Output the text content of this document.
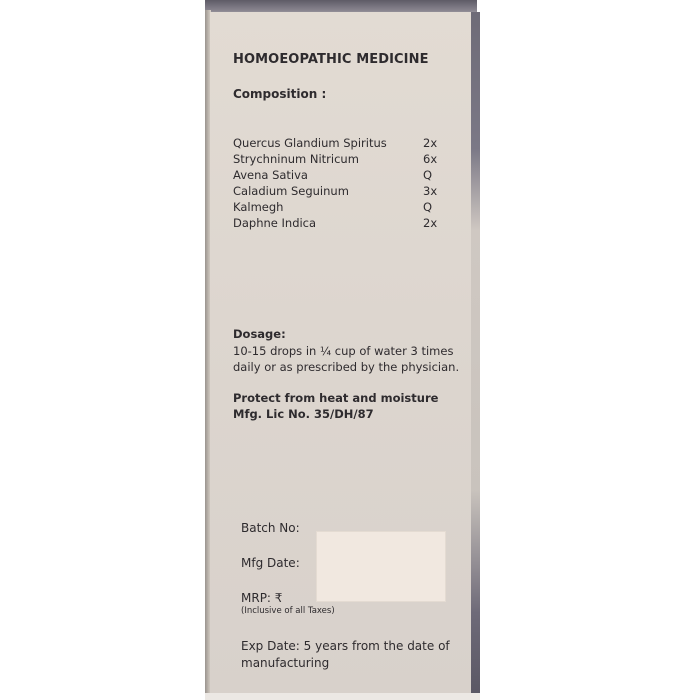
HOMOEOPATHIC MEDICINE
Composition :
Quercus Glandium Spiritus	2x
Strychninum Nitricum	6x
Avena Sativa	Q
Caladium Seguinum	3x
Kalmegh	Q
Daphne Indica	2x
Dosage:
10-15 drops in ¼ cup of water 3 times
daily or as prescribed by the physician.
Protect from heat and moisture
Mfg. Lic No. 35/DH/87
Batch No:
Mfg Date:
MRP: ₹
(Inclusive of all Taxes)
Exp Date: 5 years from the date of
manufacturing
